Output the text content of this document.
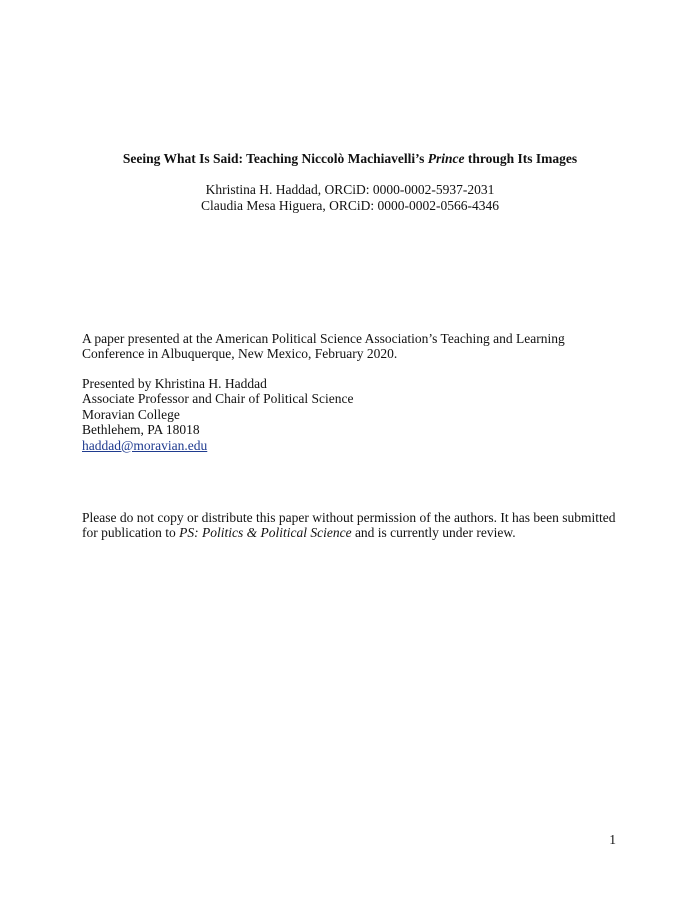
Seeing What Is Said: Teaching Niccolò Machiavelli’s Prince through Its Images
Khristina H. Haddad, ORCiD: 0000-0002-5937-2031
Claudia Mesa Higuera, ORCiD: 0000-0002-0566-4346
A paper presented at the American Political Science Association’s Teaching and Learning
Conference in Albuquerque, New Mexico, February 2020.
Presented by Khristina H. Haddad
Associate Professor and Chair of Political Science
Moravian College
Bethlehem, PA 18018
haddad@moravian.edu
Please do not copy or distribute this paper without permission of the authors. It has been submitted
for publication to PS: Politics & Political Science and is currently under review.
1
